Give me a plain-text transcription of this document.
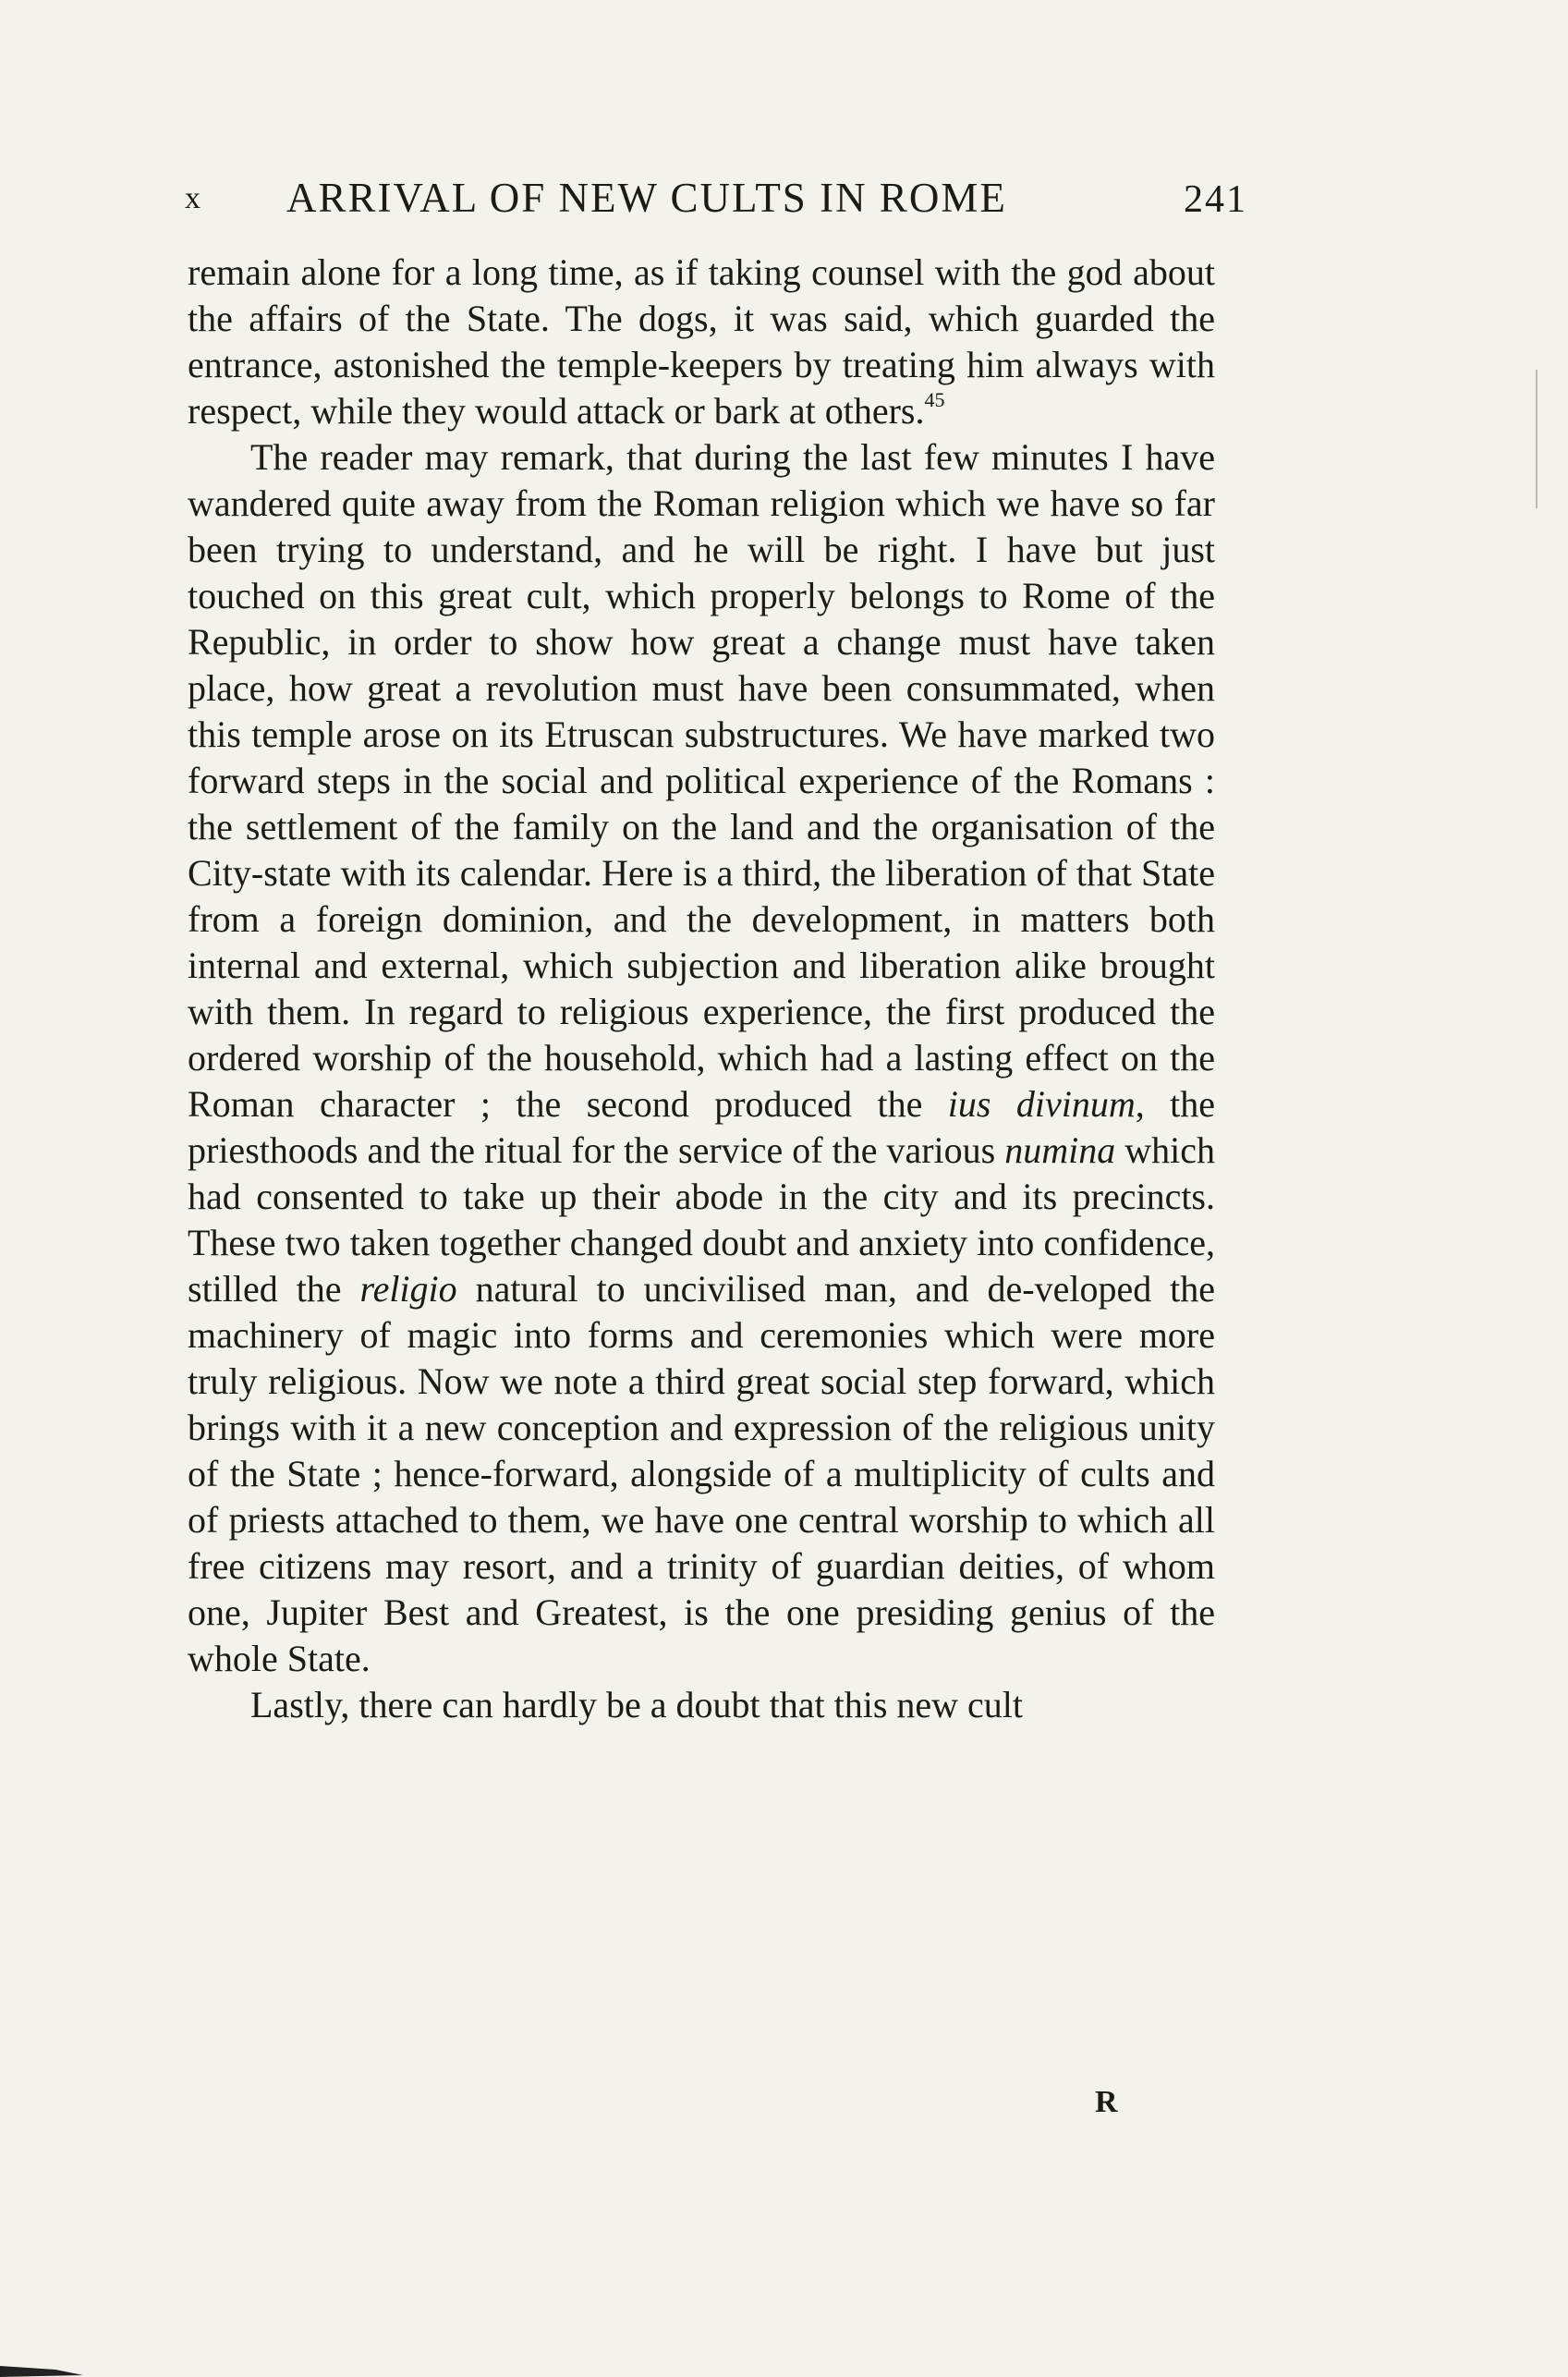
x ARRIVAL OF NEW CULTS IN ROME	241

remain alone for a long time, as if taking counsel with the god about the affairs of the State. The dogs, it was said, which guarded the entrance, astonished the temple-keepers by treating him always with respect, while they would attack or bark at others.$^{45}$

The reader may remark, that during the last few minutes I have wandered quite away from the Roman religion which we have so far been trying to understand, and he will be right. I have but just touched on this great cult, which properly belongs to Rome of the Republic, in order to show how great a change must have taken place, how great a revolution must have been consummated, when this temple arose on its Etruscan substructures. We have marked two forward steps in the social and political experience of the Romans : the settlement of the family on the land and the organisation of the City-state with its calendar. Here is a third, the liberation of that State from a foreign dominion, and the development, in matters both internal and external, which subjection and liberation alike brought with them. In regard to religious experience, the first produced the ordered worship of the household, which had a lasting effect on the Roman character ; the second produced the ius divinum, the priesthoods and the ritual for the service of the various numina which had consented to take up their abode in the city and its precincts. These two taken together changed doubt and anxiety into confidence, stilled the religio natural to uncivilised man, and de-veloped the machinery of magic into forms and ceremonies which were more truly religious. Now we note a third great social step forward, which brings with it a new conception and expression of the religious unity of the State ; hence-forward, alongside of a multiplicity of cults and of priests attached to them, we have one central worship to which all free citizens may resort, and a trinity of guardian deities, of whom one, Jupiter Best and Greatest, is the one presiding genius of the whole State.

Lastly, there can hardly be a doubt that this new cult

R
